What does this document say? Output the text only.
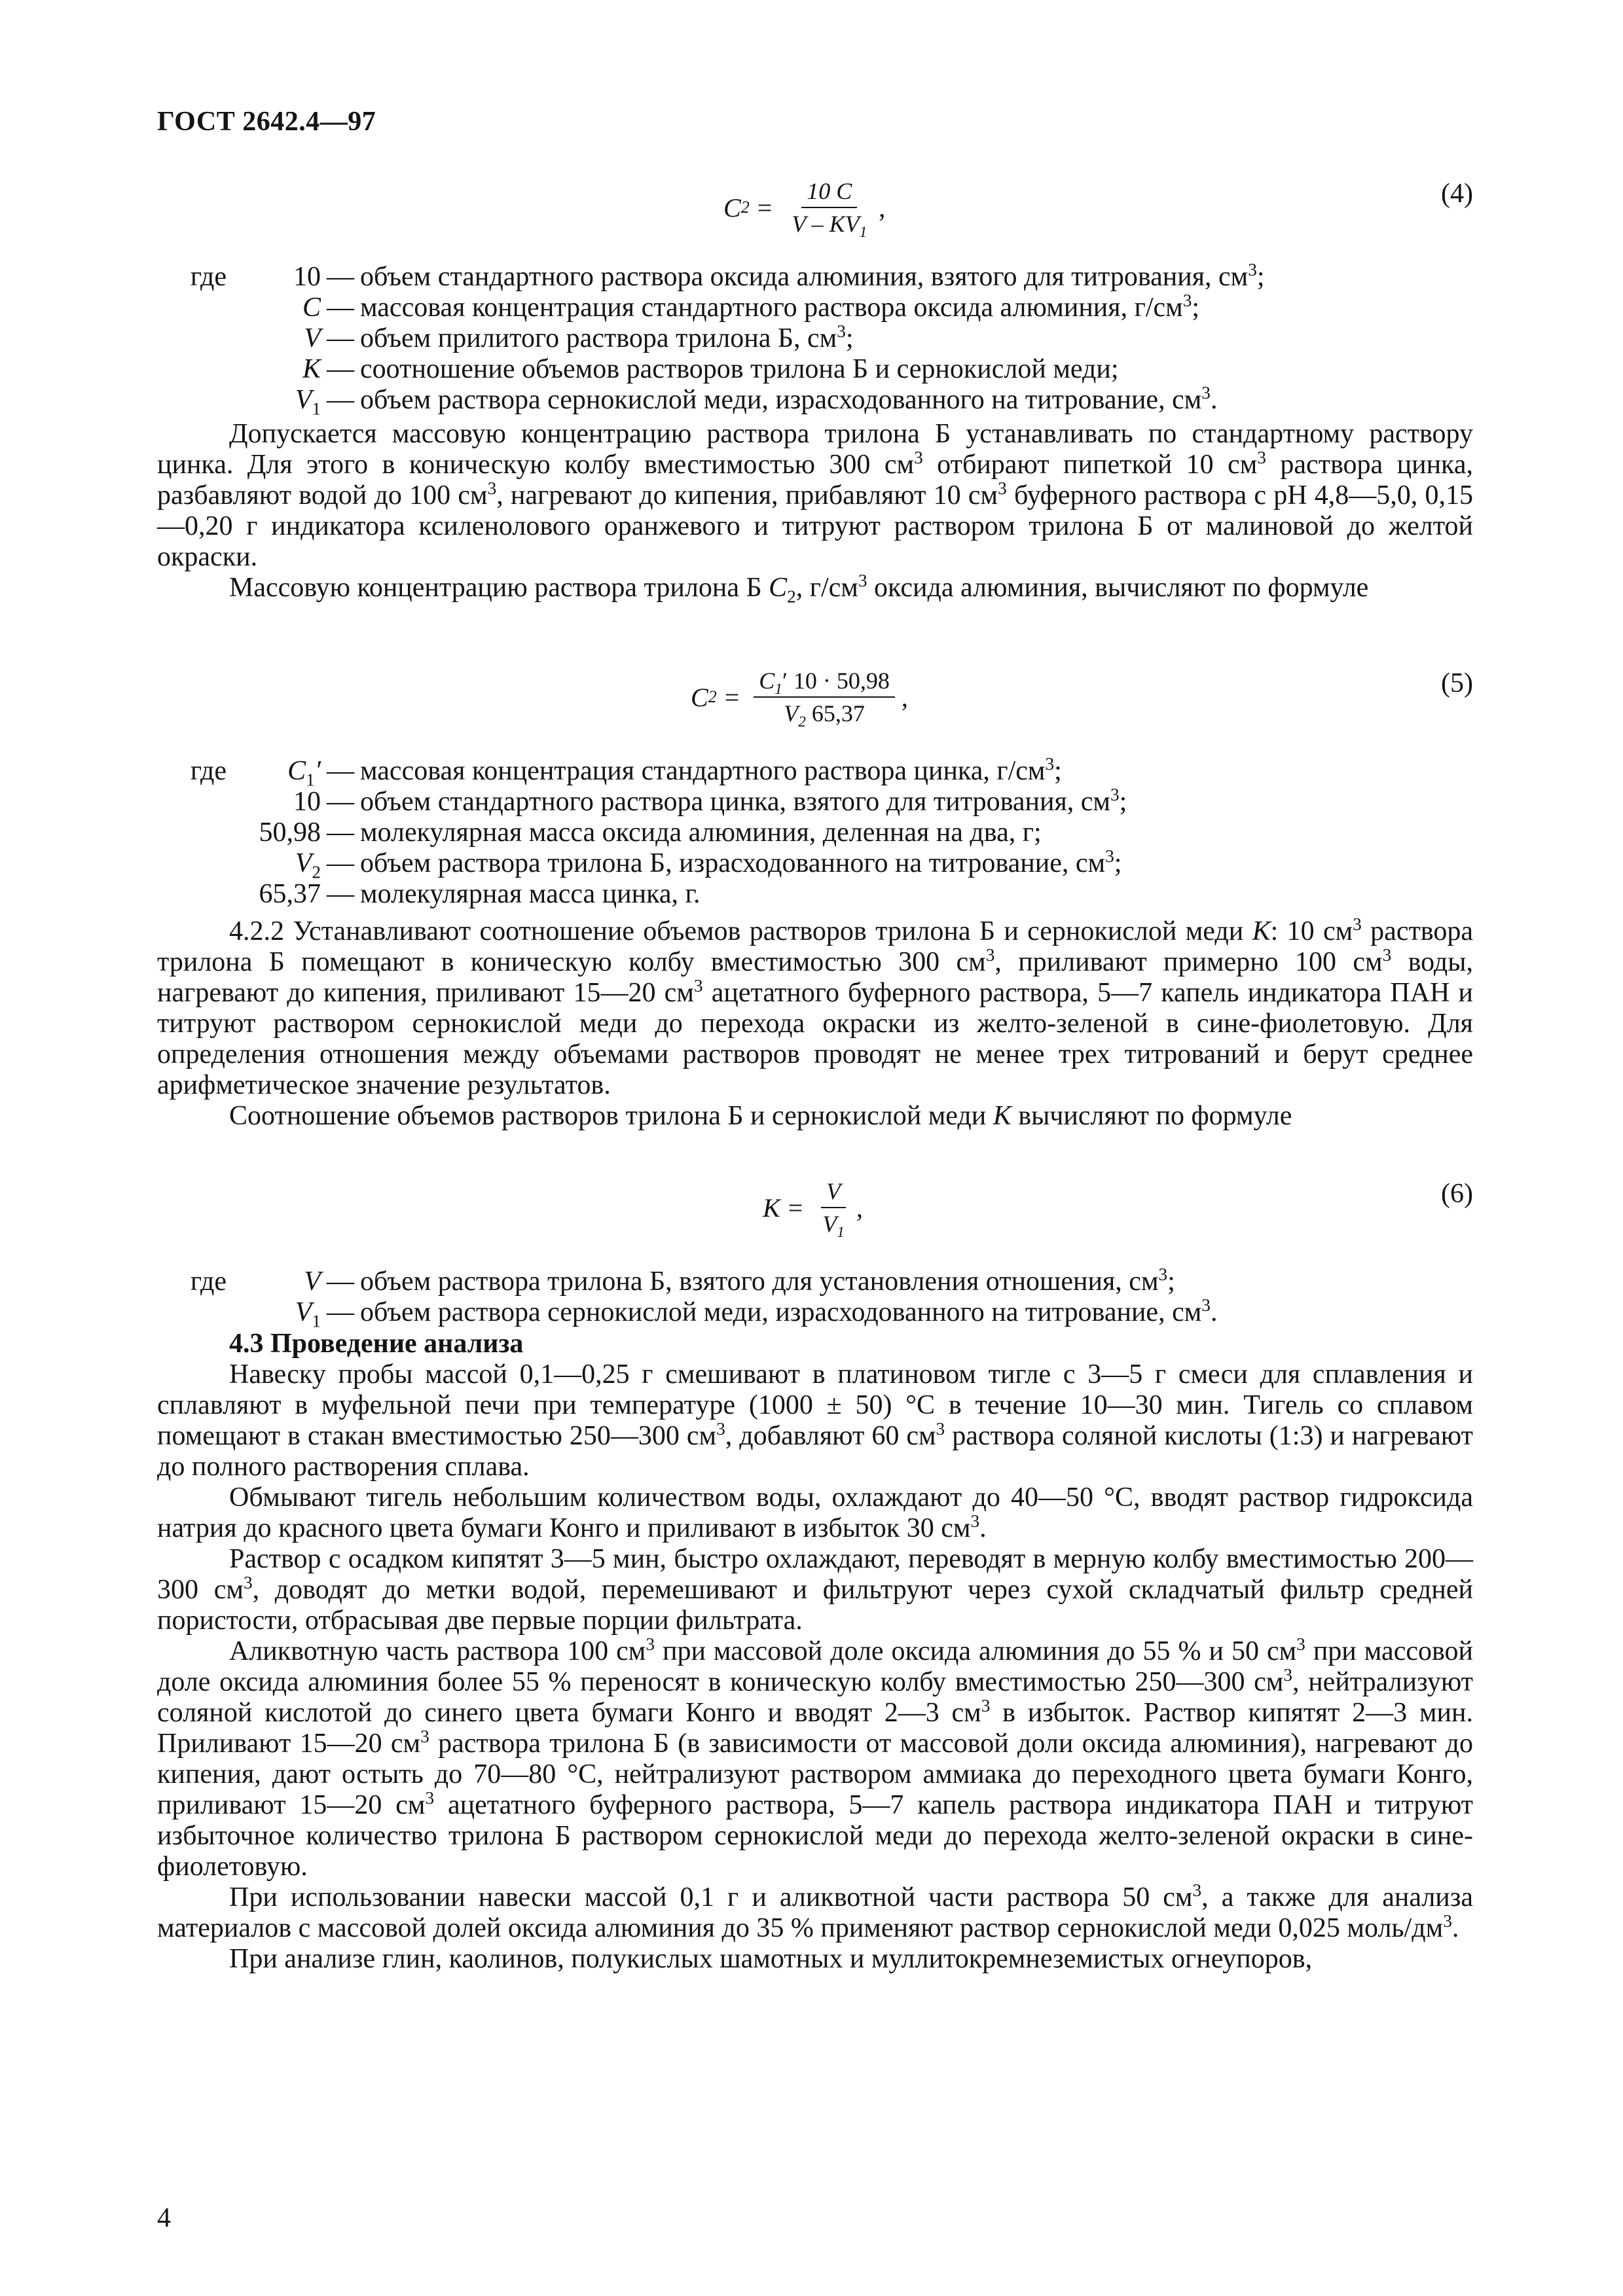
ГОСТ 2642.4—97
C $2 = \frac{10 C}{V - KV_1}$ ,	(4)
где	10 — объем стандартного раствора оксида алюминия, взятого для титрования, $см^3$;
C — массовая концентрация стандартного раствора оксида алюминия, $г/см^3$;
V — объем прилитого раствора трилона Б, $см^3$;
K — соотношение объемов растворов трилона Б и сернокислой меди;
$V_1$ — объем раствора сернокислой меди, израсходованного на титрование, $см^3$.

Допускается массовую концентрацию раствора трилона Б устанавливать по стандартному раствору цинка. Для этого в коническую колбу вместимостью 300 $см^3$ отбирают пипеткой 10 $см^3$ раствора цинка, разбавляют водой до 100 $см^3$, нагревают до кипения, прибавляют 10 $см^3$ буферного раствора с pH 4,8—5,0, 0,15—0,20 г индикатора ксиленолового оранжевого и титруют раствором трилона Б от малиновой до желтой окраски.

Массовую концентрацию раствора трилона Б $C_2$, $г/см^3$ оксида алюминия, вычисляют по формуле

C $2 = \frac{C_1' 10 \cdot 50,98}{V_2 65,37}$ ,	(5)
где	$C_1'$ — массовая концентрация стандартного раствора цинка, $г/см^3$;
10 — объем стандартного раствора цинка, взятого для титрования, $см^3$;
50,98 — молекулярная масса оксида алюминия, деленная на два, г;
$V_2$ — объем раствора трилона Б, израсходованного на титрование, $см^3$;
65,37 — молекулярная масса цинка, г.

4.2.2 Устанавливают соотношение объемов растворов трилона Б и сернокислой меди K: 10 $см^3$ раствора трилона Б помещают в коническую колбу вместимостью 300 $см^3$, приливают примерно 100 $см^3$ воды, нагревают до кипения, приливают 15—20 $см^3$ ацетатного буферного раствора, 5—7 капель индикатора ПАН и титруют раствором сернокислой меди до перехода окраски из желто-зеленой в сине-фиолетовую. Для определения отношения между объемами растворов проводят не менее трех титрований и берут среднее арифметическое значение результатов.

Соотношение объемов растворов трилона Б и сернокислой меди K вычисляют по формуле

$K = \frac{V}{V_1}$ ,	(6)
где	V — объем раствора трилона Б, взятого для установления отношения, $см^3$;
$V_1$ — объем раствора сернокислой меди, израсходованного на титрование, $см^3$.

4.3 Проведение анализа

Навеску пробы массой 0,1—0,25 г смешивают в платиновом тигле с 3—5 г смеси для сплавления и сплавляют в муфельной печи при температуре (1000 ± 50) °С в течение 10—30 мин. Тигель со сплавом помещают в стакан вместимостью 250—300 $см^3$, добавляют 60 $см^3$ раствора соляной кислоты (1:3) и нагревают до полного растворения сплава.

Обмывают тигель небольшим количеством воды, охлаждают до 40—50 °С, вводят раствор гидроксида натрия до красного цвета бумаги Конго и приливают в избыток 30 $см^3$.

Раствор с осадком кипятят 3—5 мин, быстро охлаждают, переводят в мерную колбу вместимостью 200—300 $см^3$, доводят до метки водой, перемешивают и фильтруют через сухой складчатый фильтр средней пористости, отбрасывая две первые порции фильтрата.

Аликвотную часть раствора 100 $см^3$ при массовой доле оксида алюминия до 55 % и 50 $см^3$ при массовой доле оксида алюминия более 55 % переносят в коническую колбу вместимостью 250—300 $см^3$, нейтрализуют соляной кислотой до синего цвета бумаги Конго и вводят 2—3 $см^3$ в избыток. Раствор кипятят 2—3 мин. Приливают 15—20 $см^3$ раствора трилона Б (в зависимости от массовой доли оксида алюминия), нагревают до кипения, дают остыть до 70—80 °С, нейтрализуют раствором аммиака до переходного цвета бумаги Конго, приливают 15—20 $см^3$ ацетатного буферного раствора, 5—7 капель раствора индикатора ПАН и титруют избыточное количество трилона Б раствором сернокислой меди до перехода желто-зеленой окраски в сине-фиолетовую.

При использовании навески массой 0,1 г и аликвотной части раствора 50 $см^3$, а также для анализа материалов с массовой долей оксида алюминия до 35 % применяют раствор сернокислой меди 0,025 моль/$дм^3$.

При анализе глин, каолинов, полукислых шамотных и муллитокремнеземистых огнеупоров,

4
